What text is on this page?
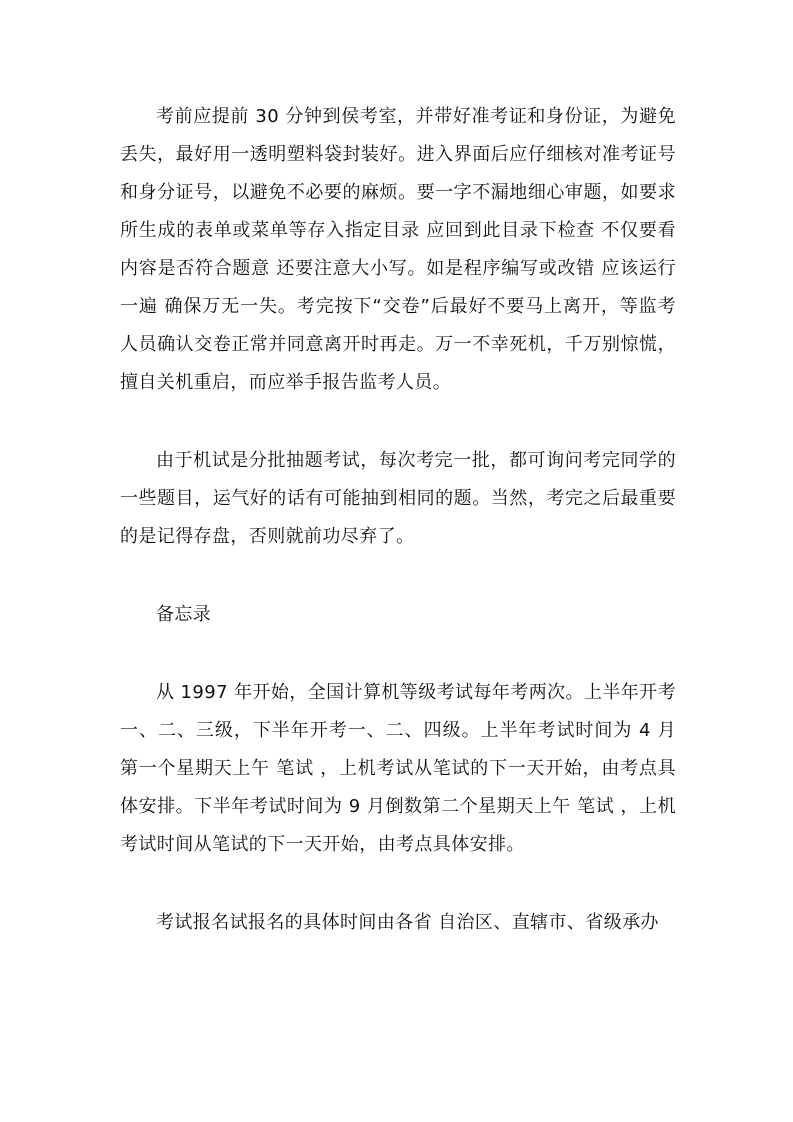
考前应提前 30 分钟到侯考室，并带好准考证和身份证，为避免丢失，最好用一透明塑料袋封装好。进入界面后应仔细核对准考证号和身分证号，以避免不必要的麻烦。要一字不漏地细心审题，如要求所生成的表单或菜单等存入指定目录 应回到此目录下检查 不仅要看内容是否符合题意 还要注意大小写。如是程序编写或改错 应该运行一遍 确保万无一失。考完按下“交卷”后最好不要马上离开，等监考人员确认交卷正常并同意离开时再走。万一不幸死机，千万别惊慌，擅自关机重启，而应举手报告监考人员。

由于机试是分批抽题考试，每次考完一批，都可询问考完同学的一些题目，运气好的话有可能抽到相同的题。当然，考完之后最重要的是记得存盘，否则就前功尽弃了。

备忘录

从 1997 年开始，全国计算机等级考试每年考两次。上半年开考一、二、三级，下半年开考一、二、四级。上半年考试时间为 4 月第一个星期天上午 笔试 ，上机考试从笔试的下一天开始，由考点具体安排。下半年考试时间为 9 月倒数第二个星期天上午 笔试 ，上机考试时间从笔试的下一天开始，由考点具体安排。

考试报名试报名的具体时间由各省 自治区、直辖市、省级承办
